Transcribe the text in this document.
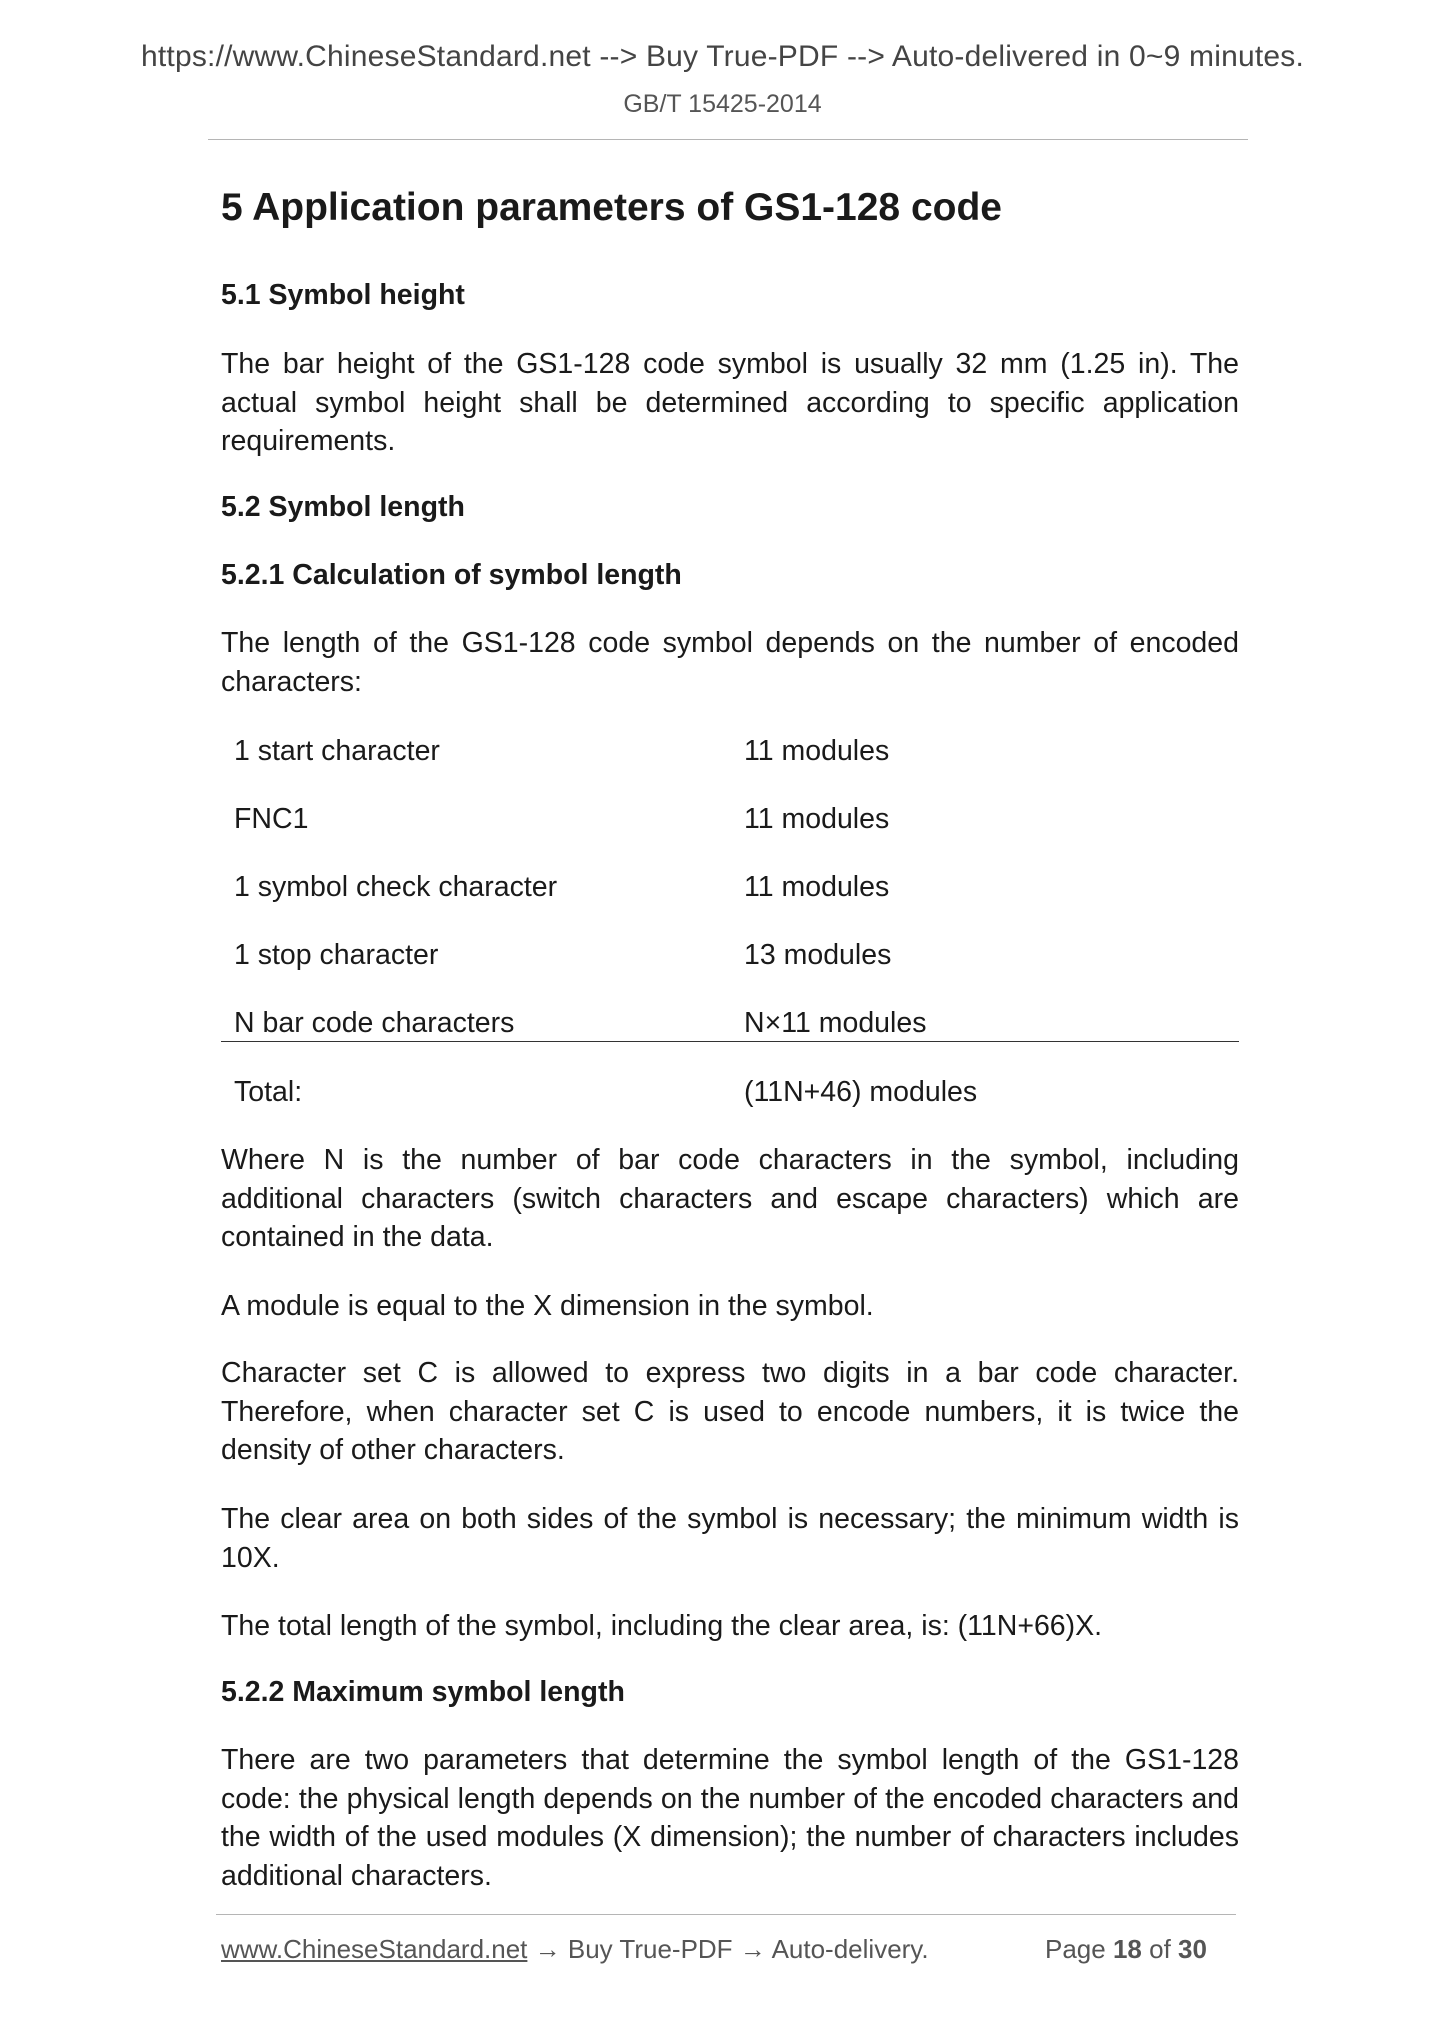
https://www.ChineseStandard.net --> Buy True-PDF --> Auto-delivered in 0~9 minutes.
GB/T 15425-2014
5 Application parameters of GS1-128 code
5.1 Symbol height

The bar height of the GS1-128 code symbol is usually 32 mm (1.25 in). The actual symbol height shall be determined according to specific application requirements.

5.2 Symbol length
5.2.1 Calculation of symbol length

The length of the GS1-128 code symbol depends on the number of encoded characters:

1 start character	11 modules
FNC1	11 modules
1 symbol check character	11 modules
1 stop character	13 modules
N bar code characters	N×11 modules
Total:	(11N+46) modules

Where N is the number of bar code characters in the symbol, including additional characters (switch characters and escape characters) which are contained in the data.

A module is equal to the X dimension in the symbol.

Character set C is allowed to express two digits in a bar code character. Therefore, when character set C is used to encode numbers, it is twice the density of other characters.

The clear area on both sides of the symbol is necessary; the minimum width is 10X.

The total length of the symbol, including the clear area, is: (11N+66)X.

5.2.2 Maximum symbol length

There are two parameters that determine the symbol length of the GS1-128 code: the physical length depends on the number of the encoded characters and the width of the used modules (X dimension); the number of characters includes additional characters.

www.ChineseStandard.net → Buy True-PDF → Auto-delivery.	Page 18 of 30
